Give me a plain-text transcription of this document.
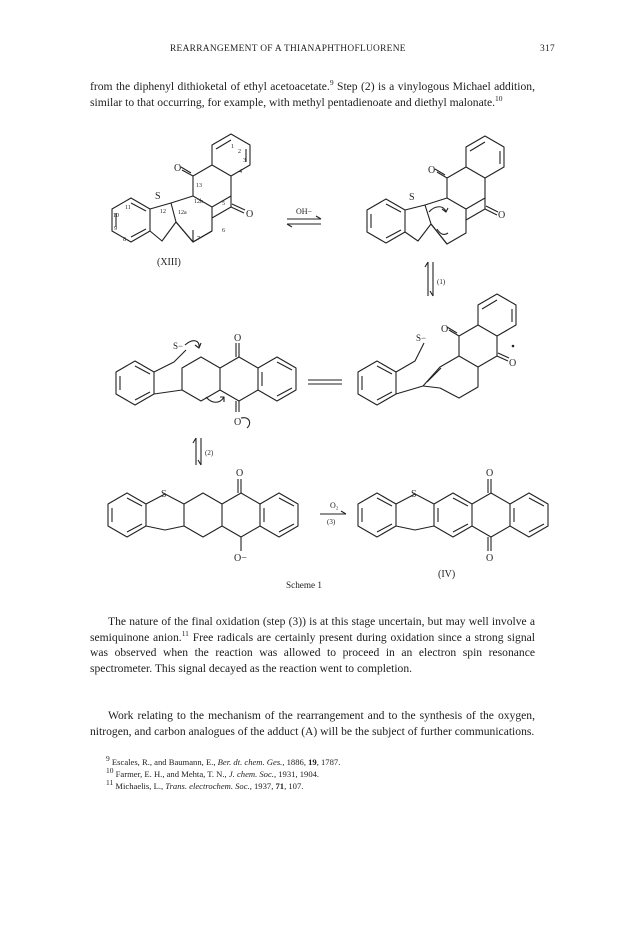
REARRANGEMENT OF A THIANAPHTHOFLUORENE	317
from the diphenyl dithioketal of ethyl acetoacetate.$^9$ Step (2) is a vinylogous Michael addition, similar to that occurring, for example, with methyl pentadienoate and diethyl malonate.$^{10}$
S
O
O
1
2
3
4
5
6
7
8
9
10
11
12 12a
12b
13
(XIII)
OH−
S
O
O
(1)
S−
O
O
S−
O
O
(2)
S
O
O−
O₂
(3)
S
O
O
(IV)
Scheme 1
The nature of the final oxidation (step (3)) is at this stage uncertain, but may well involve a semiquinone anion.$^{11}$ Free radicals are certainly present during oxidation since a strong signal was observed when the reaction was allowed to proceed in an electron spin resonance spectrometer. This signal decayed as the reaction went to completion.
Work relating to the mechanism of the rearrangement and to the synthesis of the oxygen, nitrogen, and carbon analogues of the adduct (A) will be the subject of further communications.
$^9$ Escales, R., and Baumann, E., Ber. dt. chem. Ges., 1886, 19, 1787.
$^{10}$ Farmer, E. H., and Mehta, T. N., J. chem. Soc., 1931, 1904.
$^{11}$ Michaelis, L., Trans. electrochem. Soc., 1937, 71, 107.
